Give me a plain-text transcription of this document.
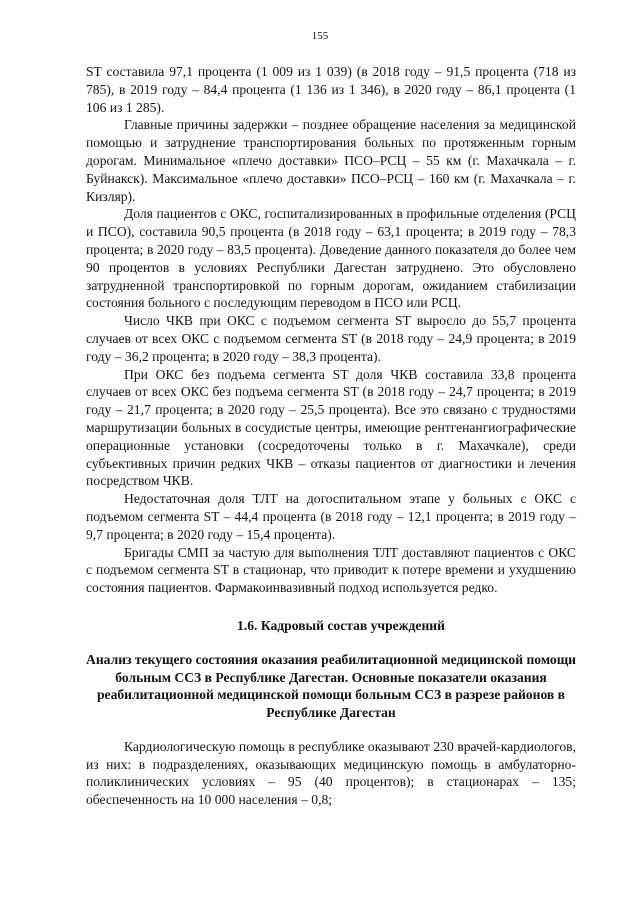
155

ST составила 97,1 процента (1 009 из 1 039) (в 2018 году – 91,5 процента (718 из 785), в 2019 году – 84,4 процента (1 136 из 1 346), в 2020 году – 86,1 процента (1 106 из 1 285).

Главные причины задержки – позднее обращение населения за медицинской помощью и затруднение транспортирования больных по протяженным горным дорогам. Минимальное «плечо доставки» ПСО–РСЦ – 55 км (г. Махачкала – г. Буйнакск). Максимальное «плечо доставки» ПСО–РСЦ – 160 км (г. Махачкала – г. Кизляр).

Доля пациентов с ОКС, госпитализированных в профильные отделения (РСЦ и ПСО), составила 90,5 процента (в 2018 году – 63,1 процента; в 2019 году – 78,3 процента; в 2020 году – 83,5 процента). Доведение данного показателя до более чем 90 процентов в условиях Республики Дагестан затруднено. Это обусловлено затрудненной транспортировкой по горным дорогам, ожиданием стабилизации состояния больного с последующим переводом в ПСО или РСЦ.

Число ЧКВ при ОКС с подъемом сегмента ST выросло до 55,7 процента случаев от всех ОКС с подъемом сегмента ST (в 2018 году – 24,9 процента; в 2019 году – 36,2 процента; в 2020 году – 38,3 процента).

При ОКС без подъема сегмента ST доля ЧКВ составила 33,8 процента случаев от всех ОКС без подъема сегмента ST (в 2018 году – 24,7 процента; в 2019 году – 21,7 процента; в 2020 году – 25,5 процента). Все это связано с трудностями маршрутизации больных в сосудистые центры, имеющие рентгенангиографические операционные установки (сосредоточены только в г. Махачкале), среди субъективных причин редких ЧКВ – отказы пациентов от диагностики и лечения посредством ЧКВ.

Недостаточная доля ТЛТ на догоспитальном этапе у больных с ОКС с подъемом сегмента ST – 44,4 процента (в 2018 году – 12,1 процента; в 2019 году – 9,7 процента; в 2020 году – 15,4 процента).

Бригады СМП за частую для выполнения ТЛТ доставляют пациентов с ОКС с подъемом сегмента ST в стационар, что приводит к потере времени и ухудшению состояния пациентов. Фармакоинвазивный подход используется редко.

1.6. Кадровый состав учреждений
Анализ текущего состояния оказания реабилитационной медицинской помощи больным ССЗ в Республике Дагестан. Основные показатели оказания реабилитационной медицинской помощи больным ССЗ в разрезе районов в Республике Дагестан

Кардиологическую помощь в республике оказывают 230 врачей-кардиологов, из них: в подразделениях, оказывающих медицинскую помощь в амбулаторно-поликлинических условиях – 95 (40 процентов); в стационарах – 135; обеспеченность на 10 000 населения – 0,8;
